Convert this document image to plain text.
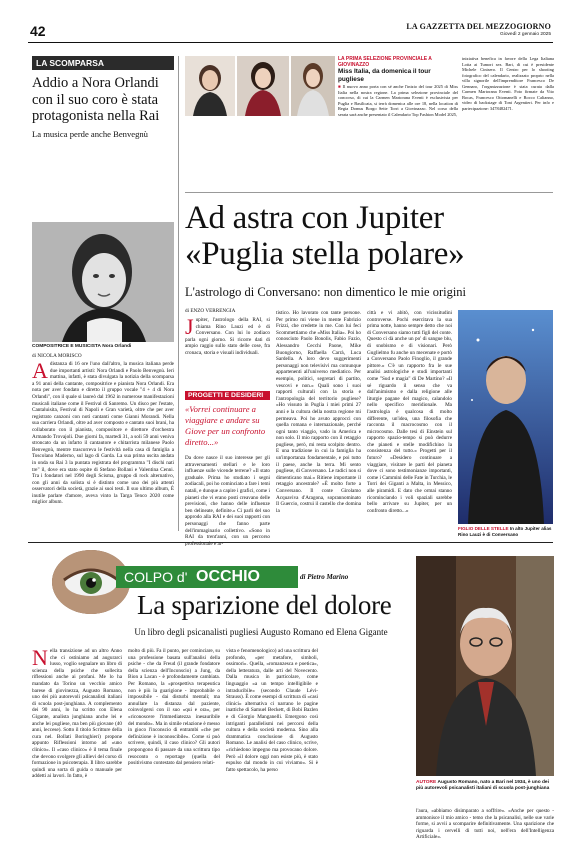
42	LA GAZZETTA DEL MEZZOGIORNO
Giovedì 2 gennaio 2025
LA SCOMPARSA
Addio a Nora Orlandi con il suo coro è stata protagonista nella Rai
La musica perde anche Benvegnù
COMPOSITRICE E MUSICISTA Nora Orlandi
di NICOLA MORISCO
A distanza di 16 ore l'uno dall'altro, la musica italiana perde due importanti artisti: Nora Orlandi e Paolo Benvegnù. Ieri mattina, infatti, è stata divulgata la notizia della scomparsa a 91 anni della cantante, compositrice e pianista Nora Orlandi. Era nota per aver fondato e diretto il gruppo vocale "4 + 4 di Nora Orlandi", con il quale si laureò dal 1962 in numerose manifestazioni musicali italiane come il Festival di Sanremo. Un disco per l'estate, Cantaluisita, Festival di Napoli e Gran varietà, oltre che per aver registrato canzoni con noti cantanti come Gianni Morandi. Nella sua carriera Orlandi, oltre ad aver composto e cantato suoi brani, ha collaborato con il pianista, compositore e direttore d'orchestra Armando Trovajoli. Due giorni fa, martedì 31, a soli 59 anni veniva stroncato da un infarto il cantautore e chitarrista milanese Paolo Benvegnù, mentre trascorreva le festività nella casa di famiglia a Toscolano Maderno, sul lago di Garda. La sua prima uscita andata in onda su Rai 3 la puntata registrata del programma "I dischi nati tre" il, dove era stato ospite di Stefano Bollani e Valentina Cenni. Tra i fondatori nel 1990 degli Scisma, gruppo di rock alternativo, con gli anni da solista si è distinto come uno dei più attenti osservatori della società, grazie ai suoi testi. Il suo ultimo album, È inutile parlare d'amore, aveva vinto la Targa Tenco 2020 come miglior album.
LA PRIMA SELEZIONE PROVINCIALE A GIOVINAZZO
Miss Italia, da domenica il tour pugliese
■ Il nuovo anno porta con sé anche l'inizio del tour 2025 di Miss Italia nella nostra regione. La prima selezione provinciale del concorso, di cui la Carmen Martorana Eventi è esclusivista per Puglia e Basilicata, si terrà domenica alle ore 18, nella location di Regia Domus Borgo Sette Torri a Giovinazzo. Nel corso della serata sarà anche presentato il Calendario Top Fashion Model 2025,
iniziativa benefica in favore della Lega Italiana Lotta ai Tumori sez. Bari, di cui è presidente Michele Cinisero. Il Centro per lo shooting fotografico del calendario, realizzato proprio nella villa signorile dell'imprenditore Francesco De Gennaro, l'organizzazione è stata curata dalla Carmen Martorana Eventi. Foto firmate da Vito Bocas, Francesco Ottomanelli e Rocco Calianno, video di backstage di Toni Argentieri. Per info e partecipazione: 3478482471.
Ad astra con Jupiter
«Puglia stella polare»
L'astrologo di Conversano: non dimentico le mie origini
di ENZO VERRENGIA
J upiter, l'astrologo della RAI, si chiama Rino Lauzi ed è di Conversano. Con lui lo zodiaco parla ogni giorno. Si ricorre dati di ampio raggio sullo stato delle cose, fra cronaca, storia e visuali individuali.
PROGETTI E DESIDERI
«Vorrei continuare a viaggiare e andare su Giove per un confronto diretto...»
Da dove nasce il suo interesse per gli attraversamenti stellari e le loro influenze sulle vicende terrene? «Il stato graduale. Prima ho studiato i segni zodiacali, poi ho cominciato a fare i temi natali, e dunque a capire i grafici, come i pianeti che vi erano posti creavano delle previsioni, che hanno delle influenze ben delineate, definite.» Ci parli del suo approdo alla RAI e dei suoi rapporti con personaggi che fanno parte dell'immaginario collettivo. «Sono in RAI da trent'anni, con un percorso professionale e ar-
tistico. Ho lavorato con tante persone. Per primo mi viene in mente Fabrizio Frizzi, che credette in me. Con lui feci Scommettiamo che «Miss Italia». Poi ho conosciuto Paolo Bonolis, Fabio Fazio, Alessandro Cecchi Paone, Mike Buongiorno, Raffaella Carrà, Luca Sardella. A loro devo suggerimenti personaggi non televisivi ma comunque appartenenti all'universo mediatico. Per esempio, politici, segretari di partito, vescovi e non.» Quali sono i suoi rapporti culturali con la storia e l'antropologia del territorio pugliese? «Ho vissuto in Puglia i miei primi 27 anni e la cultura della nostra regione mi permeava. Poi ho avuto approcci con quella romana e internazionale, perché ogni tanto viaggio, vado in America e non solo. Il mio rapporto con il retaggio pugliese, però, mi resta scolpito dentro. E una tradizione in cui la famiglia ha un'importanza fondamentale, e poi tutto il paese, anche la terra. Mi sento pugliese, di Conversano. Le radici non si dimenticano mai.» Ritiene importante il retaggio ancestrale? «È molto forte a Conversano. Il conte Girolamo Acquaviva d'Aragona, soprannominato Il Guercio, costruì il castello che domina la
città e vi abitò, con vicissitudini controverse. Pochi esercitava la sua prima notte, hanno sempre detto che noi di Conversano siamo tutti figli del conte. Questo ci dà anche un po' di sangue blu, di snobismo e di visionari. Però Guglielmo fu anche un mecenate e portò a Conversano Paolo Finoglio, il grande pittore.» C'è un rapporto fra le sue analisi astrologiche e studi importanti come "Sud e magia" di De Martino? «Il sé riguardo il senso che va dall'animismo e dalla religione alle liturgie pagane del magico, calandolo nello specifico meridionale. Ma l'astrologia è qualcosa di molto differente, un'idea, una filosofia che racconta il macrocosmo con il microcosmo. Dalle tesi di Einstein sul rapporto spazio-tempo si può dedurre che pianeti e stelle modifichino la consistenza del tutto.» Progetti per il futuro? «Desidero continuare a viaggiare, visitare le parti del pianeta dove ci sono testimonianze importanti, come i Cammini delle Fate in Turchia, le Torri dei Giganti a Malta, in Messico, alle piramidi. E dato che ormai stanno ricominciando i voli spaziali sarebbe bello arrivare su Jupiter, per un confronto diretto...»
FIGLIO DELLE STELLE In alto Jupiter alias Rino Lauzi è di Conversano
COLPO d' OCCHIO	di Pietro Marino
La sparizione del dolore
Un libro degli psicanalisti pugliesi Augusto Romano ed Elena Gigante
N ella transizione ad un altro Anno che ci ostiniamo ad augurarci lusso, voglio segnalare un libro di scienza della psiche che sollecita riflessioni anche ai profani. Me lo ha mandato da Torino un vecchio amico barese di giovinezza, Augusto Romano, uno dei più autorevoli psicanalisti italiani di scuola post-junghiana. A complemento dei 90 anni, lo ha scritto con Elena Gigante, analista junghiana anche lei e anche lei pugliese, ma ben più giovane (40 anni, leccese). Sotto il titolo Scritture della cura nel. Bollati Boringhieri) propone appunto Riflessioni intorno ad «uno clinico». Il «caso clinico» è il tema finale che devono svolgere gli allievi del corso di formazione in psicoterapia. Il libro sarebbe quindi una sorta di guida o manuale per addetti ai lavori. In fatto, è
molto di più. Fa il punto, per cominciare, su una professione basata sull'analisi della psiche - che da Freud (il grande fondatore della scienza dell'Inconscio) a Jung, da Bion a Lacan - è profondamente cambiata. Per Romano, la «prospettiva terapeutica non è più la guarigione - improbabile o impossibile - dai disturbi mentali; ma annullare la distanza dal paziente, coinvolgersi con il suo «qui e ora», per «riconoscere l'immediatezza inesauribile del mondo». Ma in simile relazione è messo in gioco l'inconscio di entrambi «che per definizione è inconoscibile». Come si può scrivere, quindi, il caso clinico? Gli autori propongono di passare da una scrittura tipo resoconto o reportage (quella del positivismo contestato dal pensiero relati-
vista e fenomenologico) ad una scrittura del profondo, «per metafore, simboli, ossimori». Quella, «romanzesca e poetica», della letteratura, dalle arti del Novecento. Dalla musica in particolare, come linguaggio «a un tempo intelligibile e intraducibile» (secondo Claude Lévi-Strauss). È come esempi di scrittura di «casi clinici» alternativa ci narrano le pagine inattiche di Samuel Beckett, di Bobi Bazlen e di Giorgio Manganelli. Emergono così intriganti parallelismi nei percorsi della cultura e della società moderna. Sino alla drammatica conclusione di Augusto Romano. Le analisi del caso clinico, scrive, «richiedono impegno ma provocano dolore. Però «il dolore oggi non esiste più, è stato espulso dal mondo in cui viviamo». Si è fatto spettacolo, ha perso
AUTORE Augusto Romano, nato a Bari nel 1934, è uno dei più autorevoli psicanalisti italiani di scuola post-junghiana
l'aura, «abbiamo disimparato a soffrire». «Anche per questo - ammonisce il mio amico - temo che la psicanalisi, nelle sue varie forme, si avvii a scomparire definitivamente. Una sparizione che riguarda i cervelli di tutti noi, nell'era dell'Intelligenza Artificiale».
